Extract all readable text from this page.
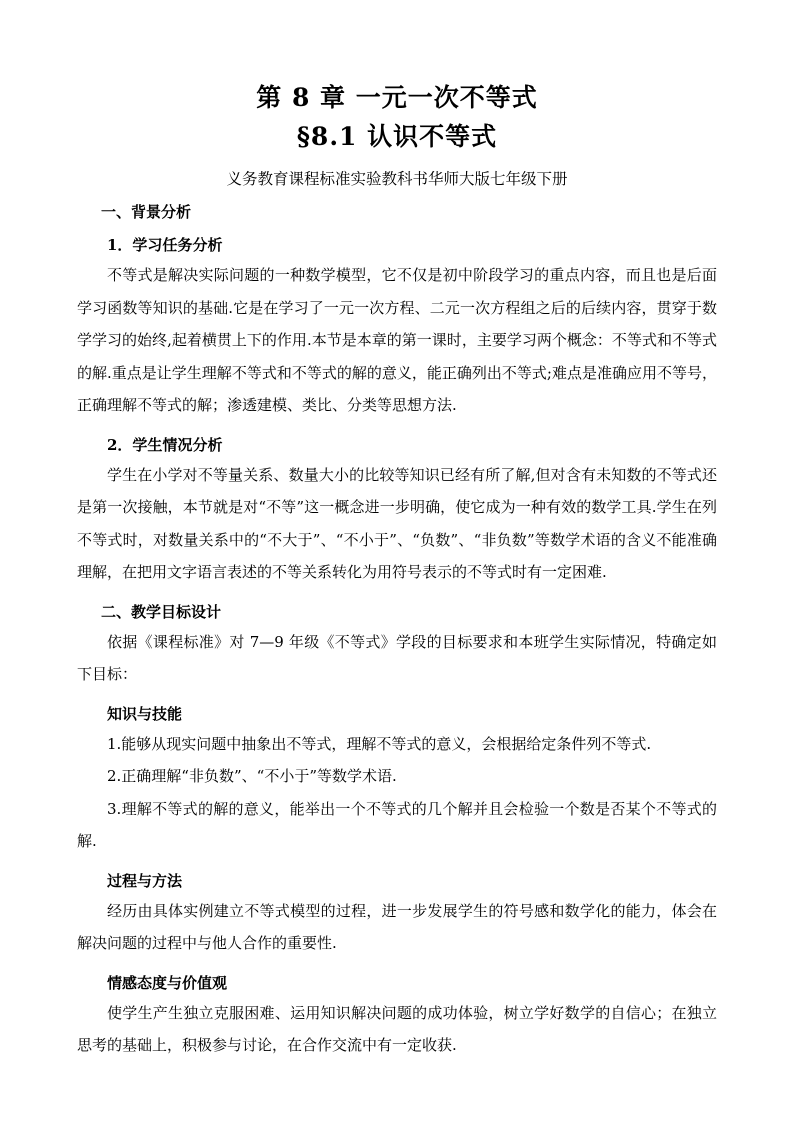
第 8 章 一元一次不等式
§8.1 认识不等式

义务教育课程标准实验教科书华师大版七年级下册

一、背景分析
1．学习任务分析

不等式是解决实际问题的一种数学模型，它不仅是初中阶段学习的重点内容，而且也是后面学习函数等知识的基础.它是在学习了一元一次方程、二元一次方程组之后的后续内容，贯穿于数学学习的始终,起着横贯上下的作用.本节是本章的第一课时，主要学习两个概念：不等式和不等式的解.重点是让学生理解不等式和不等式的解的意义，能正确列出不等式;难点是准确应用不等号，正确理解不等式的解；渗透建模、类比、分类等思想方法.

2．学生情况分析

学生在小学对不等量关系、数量大小的比较等知识已经有所了解,但对含有未知数的不等式还是第一次接触，本节就是对“不等”这一概念进一步明确，使它成为一种有效的数学工具.学生在列不等式时，对数量关系中的“不大于”、“不小于”、“负数”、“非负数”等数学术语的含义不能准确理解，在把用文字语言表述的不等关系转化为用符号表示的不等式时有一定困难.

二、教学目标设计

依据《课程标准》对 7—9 年级《不等式》学段的目标要求和本班学生实际情况，特确定如下目标：

知识与技能

1.能够从现实问题中抽象出不等式，理解不等式的意义，会根据给定条件列不等式.

2.正确理解“非负数”、“不小于”等数学术语.

3.理解不等式的解的意义，能举出一个不等式的几个解并且会检验一个数是否某个不等式的解.

过程与方法

经历由具体实例建立不等式模型的过程，进一步发展学生的符号感和数学化的能力，体会在解决问题的过程中与他人合作的重要性.

情感态度与价值观

使学生产生独立克服困难、运用知识解决问题的成功体验，树立学好数学的自信心；在独立思考的基础上，积极参与讨论，在合作交流中有一定收获.
